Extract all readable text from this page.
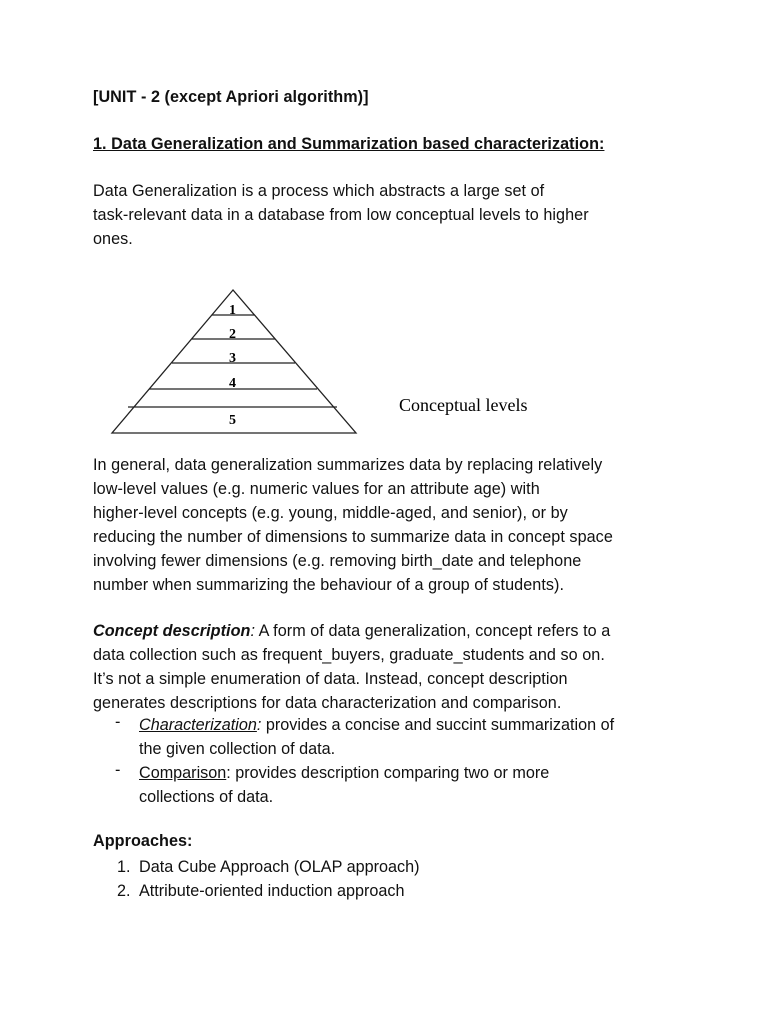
[UNIT - 2 (except Apriori algorithm)]
1. Data Generalization and Summarization based characterization:
Data Generalization is a process which abstracts a large set of
task-relevant data in a database from low conceptual levels to higher
ones.
1
2
3
4
5
Conceptual levels
In general, data generalization summarizes data by replacing relatively
low-level values (e.g. numeric values for an attribute age) with
higher-level concepts (e.g. young, middle-aged, and senior), or by
reducing the number of dimensions to summarize data in concept space
involving fewer dimensions (e.g. removing birth_date and telephone
number when summarizing the behaviour of a group of students).
Concept description: A form of data generalization, concept refers to a
data collection such as frequent_buyers, graduate_students and so on.
It’s not a simple enumeration of data. Instead, concept description
generates descriptions for data characterization and comparison.
- Characterization: provides a concise and succint summarization of
the given collection of data.
- Comparison: provides description comparing two or more
collections of data.
Approaches:
1. Data Cube Approach (OLAP approach)
2. Attribute-oriented induction approach
